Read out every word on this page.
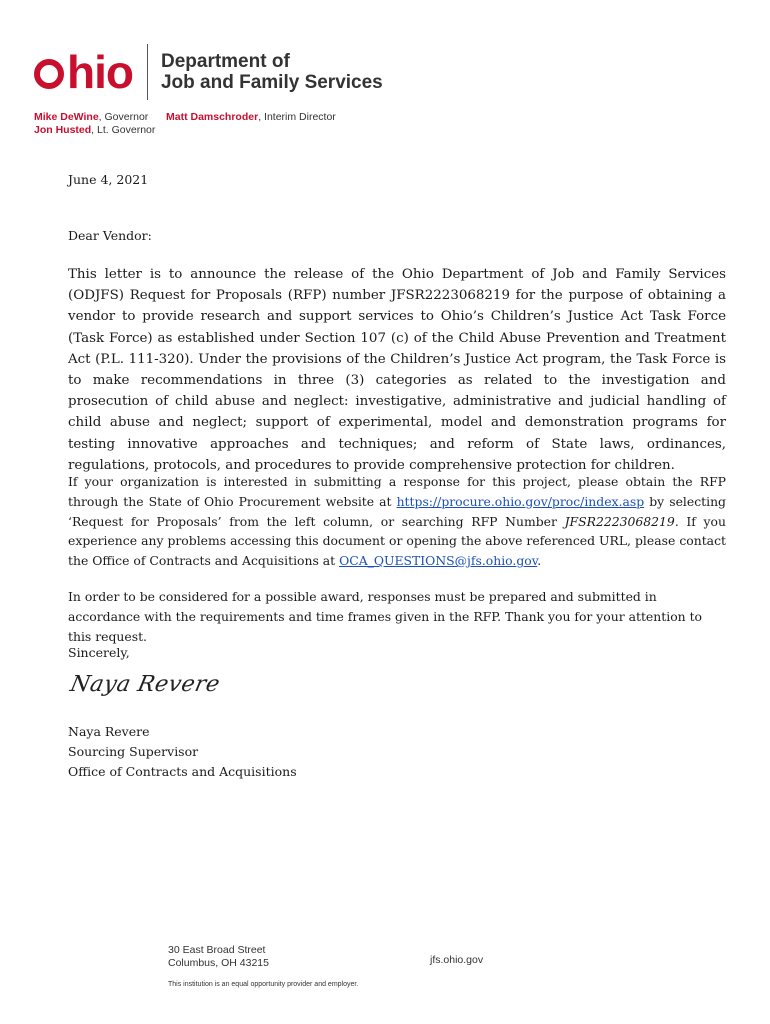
hio Department of
Job and Family Services
Mike DeWine, Governor
Jon Husted, Lt. Governor
Matt Damschroder, Interim Director
June 4, 2021
Dear Vendor:
This letter is to announce the release of the Ohio Department of Job and Family Services (ODJFS) Request for Proposals (RFP) number JFSR2223068219 for the purpose of obtaining a vendor to provide research and support services to Ohio’s Children’s Justice Act Task Force (Task Force) as established under Section 107 (c) of the Child Abuse Prevention and Treatment Act (P.L. 111-320). Under the provisions of the Children’s Justice Act program, the Task Force is to make recommendations in three (3) categories as related to the investigation and prosecution of child abuse and neglect: investigative, administrative and judicial handling of child abuse and neglect; support of experimental, model and demonstration programs for testing innovative approaches and techniques; and reform of State laws, ordinances, regulations, protocols, and procedures to provide comprehensive protection for children.
If your organization is interested in submitting a response for this project, please obtain the RFP through the State of Ohio Procurement website at https://procure.ohio.gov/proc/index.asp by selecting ‘Request for Proposals’ from the left column, or searching RFP Number JFSR2223068219. If you experience any problems accessing this document or opening the above referenced URL, please contact the Office of Contracts and Acquisitions at OCA_QUESTIONS@jfs.ohio.gov.
In order to be considered for a possible award, responses must be prepared and submitted in accordance with the requirements and time frames given in the RFP. Thank you for your attention to this request.
Sincerely,
Naya Revere
Naya Revere
Sourcing Supervisor
Office of Contracts and Acquisitions
30 East Broad Street
Columbus, OH 43215	jfs.ohio.gov
This institution is an equal opportunity provider and employer.
